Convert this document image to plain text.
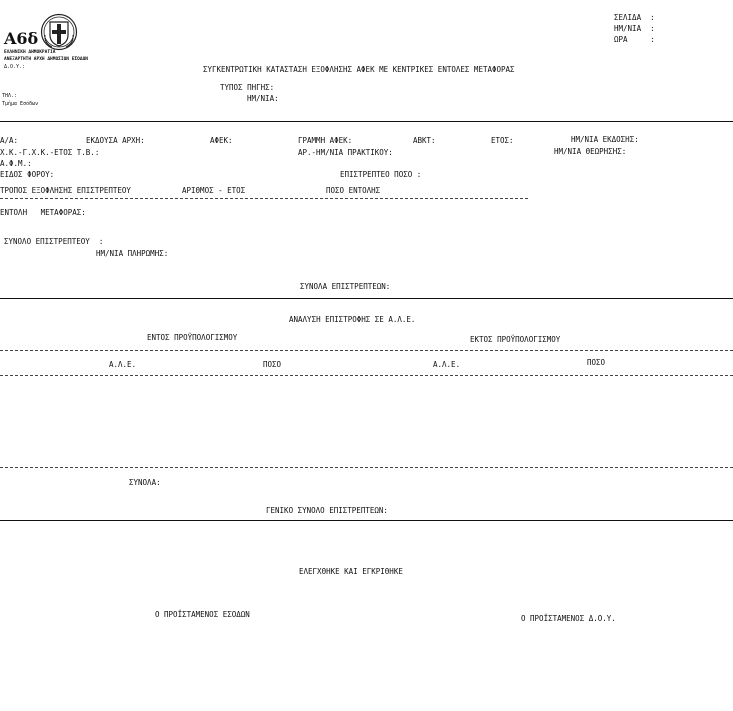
Α6δ
ΕΛΛΗΝΙΚΗ ΔΗΜΟΚΡΑΤΙΑ
ΑΝΕΞΑΡΤΗΤΗ ΑΡΧΗ ΔΗΜΟΣΙΩΝ ΕΣΟΔΩΝ
Δ.Ο.Υ.:
ΤΗΛ.:
Τμήμα Εσόδων
ΣΥΓΚΕΝΤΡΩΤΙΚΗ ΚΑΤΑΣΤΑΣΗ ΕΞΟΦΛΗΣΗΣ ΑΦΕΚ ΜΕ ΚΕΝΤΡΙΚΕΣ ΕΝΤΟΛΕΣ ΜΕΤΑΦΟΡΑΣ
ΤΥΠΟΣ ΠΗΓΗΣ:
ΗΜ/ΝΙΑ:
ΣΕΛΙΔΑ  :
ΗΜ/ΝΙΑ  :
ΩΡΑ     :
Α/Α:	ΕΚΔΟΥΣΑ ΑΡΧΗ:	ΑΦΕΚ:	ΓΡΑΜΜΗ ΑΦΕΚ:	ΑΒΚΤ:	ΕΤΟΣ:	ΗΜ/ΝΙΑ ΕΚΔΟΣΗΣ:
Χ.Κ.-Γ.Χ.Κ.-ΕΤΟΣ Τ.Β.:	ΑΡ.-ΗΜ/ΝΙΑ ΠΡΑΚΤΙΚΟΥ:	ΗΜ/ΝΙΑ ΘΕΩΡΗΣΗΣ:
Α.Φ.Μ.:
ΕΙΔΟΣ ΦΟΡΟΥ:	ΕΠΙΣΤΡΕΠΤΕΟ ΠΟΣΟ :
ΤΡΟΠΟΣ ΕΞΟΦΛΗΣΗΣ ΕΠΙΣΤΡΕΠΤΕΟΥ	ΑΡΙΘΜΟΣ - ΕΤΟΣ	ΠΟΣΟ ΕΝΤΟΛΗΣ
ΕΝΤΟΛΗ   ΜΕΤΑΦΟΡΑΣ:
ΣΥΝΟΛΟ ΕΠΙΣΤΡΕΠΤΕΟΥ  :
ΗΜ/ΝΙΑ ΠΛΗΡΩΜΗΣ:
ΣΥΝΟΛΑ ΕΠΙΣΤΡΕΠΤΕΩΝ:
ΑΝΑΛΥΣΗ ΕΠΙΣΤΡΟΦΗΣ ΣΕ Α.Λ.Ε.
ΕΝΤΟΣ ΠΡΟΫΠΟΛΟΓΙΣΜΟΥ	ΕΚΤΟΣ ΠΡΟΫΠΟΛΟΓΙΣΜΟΥ
Α.Λ.Ε.	ΠΟΣΟ	Α.Λ.Ε.	ΠΟΣΟ
ΣΥΝΟΛΑ:
ΓΕΝΙΚΟ ΣΥΝΟΛΟ ΕΠΙΣΤΡΕΠΤΕΩΝ:
ΕΛΕΓΧΘΗΚΕ ΚΑΙ ΕΓΚΡΙΘΗΚΕ
Ο ΠΡΟΪΣΤΑΜΕΝΟΣ ΕΣΟΔΩΝ	Ο ΠΡΟΪΣΤΑΜΕΝΟΣ Δ.Ο.Υ.
